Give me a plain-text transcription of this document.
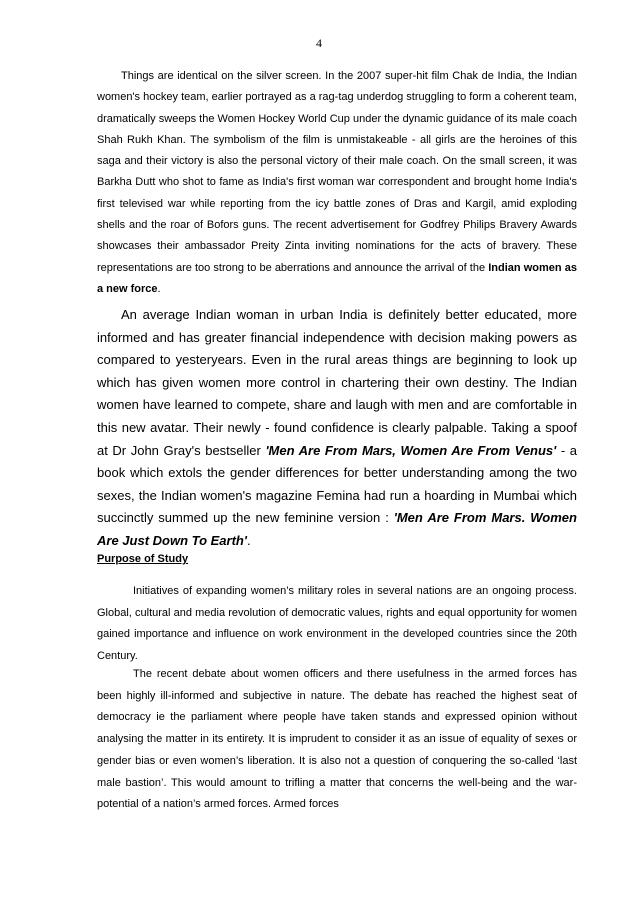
4

Things are identical on the silver screen. In the 2007 super-hit film Chak de India, the Indian women's hockey team, earlier portrayed as a rag-tag underdog struggling to form a coherent team, dramatically sweeps the Women Hockey World Cup under the dynamic guidance of its male coach Shah Rukh Khan. The symbolism of the film is unmistakeable - all girls are the heroines of this saga and their victory is also the personal victory of their male coach. On the small screen, it was Barkha Dutt who shot to fame as India's first woman war correspondent and brought home India's first televised war while reporting from the icy battle zones of Dras and Kargil, amid exploding shells and the roar of Bofors guns. The recent advertisement for Godfrey Philips Bravery Awards showcases their ambassador Preity Zinta inviting nominations for the acts of bravery. These representations are too strong to be aberrations and announce the arrival of the Indian women as a new force.

An average Indian woman in urban India is definitely better educated, more informed and has greater financial independence with decision making powers as compared to yesteryears. Even in the rural areas things are beginning to look up which has given women more control in chartering their own destiny. The Indian women have learned to compete, share and laugh with men and are comfortable in this new avatar. Their newly - found confidence is clearly palpable. Taking a spoof at Dr John Gray's bestseller 'Men Are From Mars, Women Are From Venus' - a book which extols the gender differences for better understanding among the two sexes, the Indian women's magazine Femina had run a hoarding in Mumbai which succinctly summed up the new feminine version : 'Men Are From Mars. Women Are Just Down To Earth'.

Purpose of Study

Initiatives of expanding women’s military roles in several nations are an ongoing process. Global, cultural and media revolution of democratic values, rights and equal opportunity for women gained importance and influence on work environment in the developed countries since the 20th Century.

The recent debate about women officers and there usefulness in the armed forces has been highly ill-informed and subjective in nature. The debate has reached the highest seat of democracy ie the parliament where people have taken stands and expressed opinion without analysing the matter in its entirety. It is imprudent to consider it as an issue of equality of sexes or gender bias or even women’s liberation. It is also not a question of conquering the so-called ‘last male bastion’. This would amount to trifling a matter that concerns the well-being and the war-potential of a nation’s armed forces. Armed forces
